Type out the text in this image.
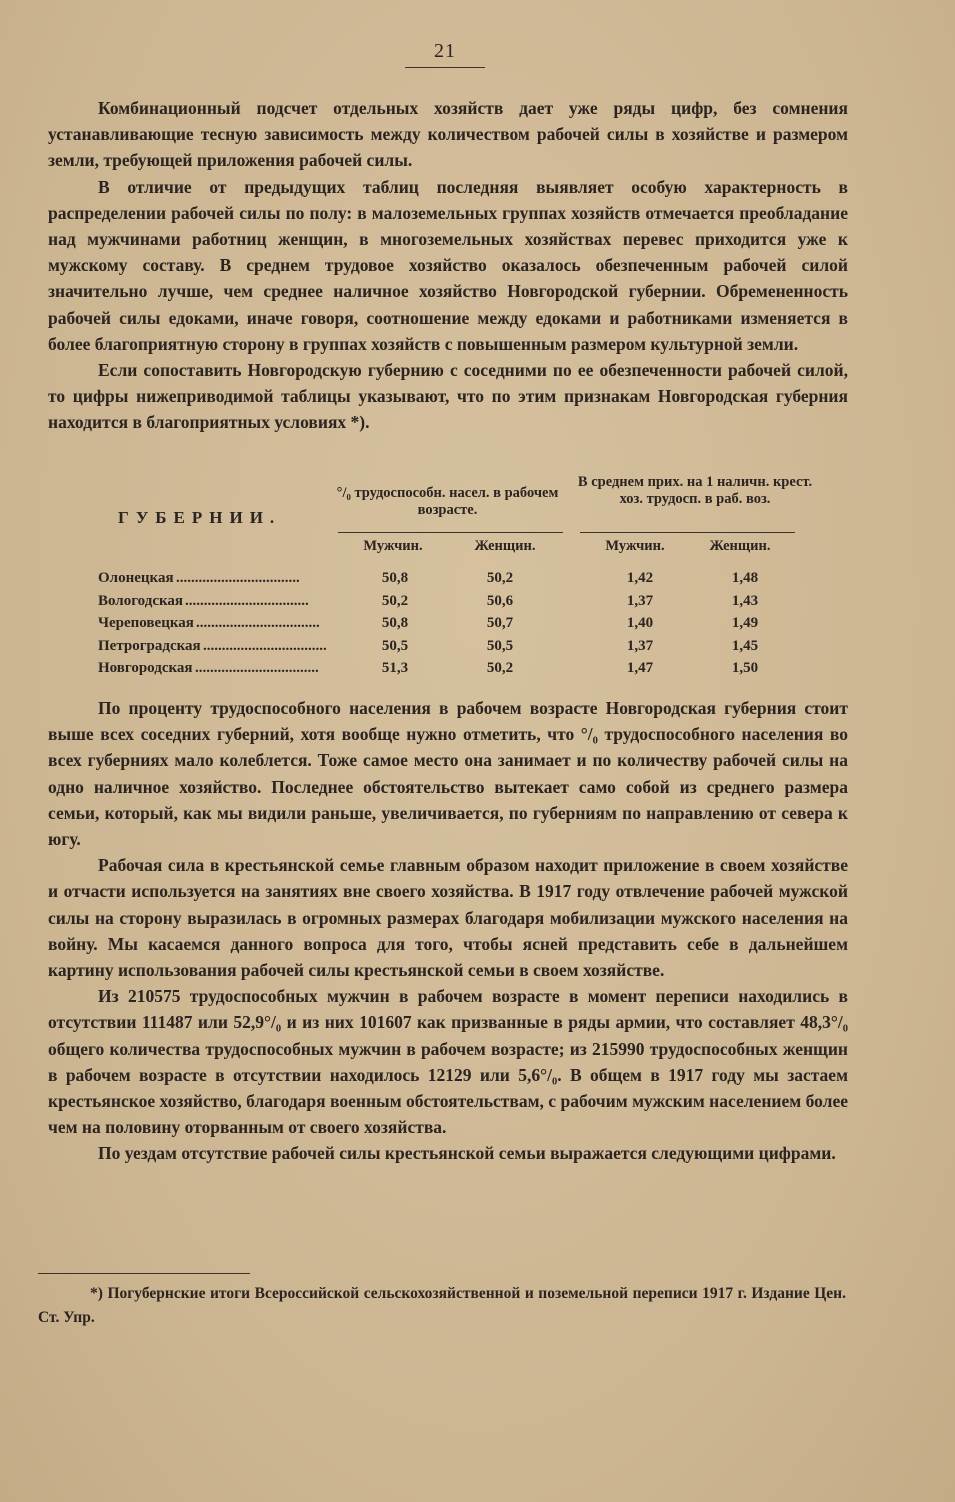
21

Комбинационный подсчет отдельных хозяйств дает уже ряды цифр, без сомнения устанавливающие тесную зависимость между количеством рабочей силы в хозяйстве и размером земли, требующей приложения рабочей силы.

В отличие от предыдущих таблиц последняя выявляет особую характерность в распределении рабочей силы по полу: в малоземельных группах хозяйств отмечается преобладание над мужчинами работниц женщин, в многоземельных хозяйствах перевес приходится уже к мужскому составу. В среднем трудовое хозяйство оказалось обезпеченным рабочей силой значительно лучше, чем среднее наличное хозяйство Новгородской губернии. Обремененность рабочей силы едоками, иначе говоря, соотношение между едоками и работниками изменяется в более благоприятную сторону в группах хозяйств с повышенным размером культурной земли.

Если сопоставить Новгородскую губернию с соседними по ее обезпеченности рабочей силой, то цифры нижеприводимой таблицы указывают, что по этим признакам Новгородская губерния находится в благоприятных условиях *).

ГУБЕРНИИ.
°/₀ трудоспособн. насел. в рабочем возрасте.
В среднем прих. на 1 наличн. крест. хоз. трудосп. в раб. воз.
Мужчин.	Женщин.	Мужчин.	Женщин.
Олонецкая .................................	50,8	50,2	1,42	1,48
Вологодская .................................	50,2	50,6	1,37	1,43
Череповецкая .................................	50,8	50,7	1,40	1,49
Петроградская .................................	50,5	50,5	1,37	1,45
Новгородская .................................	51,3	50,2	1,47	1,50

По проценту трудоспособного населения в рабочем возрасте Новгородская губерния стоит выше всех соседних губерний, хотя вообще нужно отметить, что °/₀ трудоспособного населения во всех губерниях мало колеблется. Тоже самое место она занимает и по количеству рабочей силы на одно наличное хозяйство. Последнее обстоятельство вытекает само собой из среднего размера семьи, который, как мы видили раньше, увеличивается, по губерниям по направлению от севера к югу.

Рабочая сила в крестьянской семье главным образом находит приложение в своем хозяйстве и отчасти используется на занятиях вне своего хозяйства. В 1917 году отвлечение рабочей мужской силы на сторону выразилась в огромных размерах благодаря мобилизации мужского населения на войну. Мы касаемся данного вопроса для того, чтобы ясней представить себе в дальнейшем картину использования рабочей силы крестьянской семьи в своем хозяйстве.

Из 210575 трудоспособных мужчин в рабочем возрасте в момент переписи находились в отсутствии 111487 или 52,9°/₀ и из них 101607 как призванные в ряды армии, что составляет 48,3°/₀ общего количества трудоспособных мужчин в рабочем возрасте; из 215990 трудоспособных женщин в рабочем возрасте в отсутствии находилось 12129 или 5,6°/₀. В общем в 1917 году мы застаем крестьянское хозяйство, благодаря военным обстоятельствам, с рабочим мужским населением более чем на половину оторванным от своего хозяйства.

По уездам отсутствие рабочей силы крестьянской семьи выражается следующими цифрами.

*) Погубернские итоги Всероссийской сельскохозяйственной и поземельной переписи 1917 г. Издание Цен. Ст. Упр.
